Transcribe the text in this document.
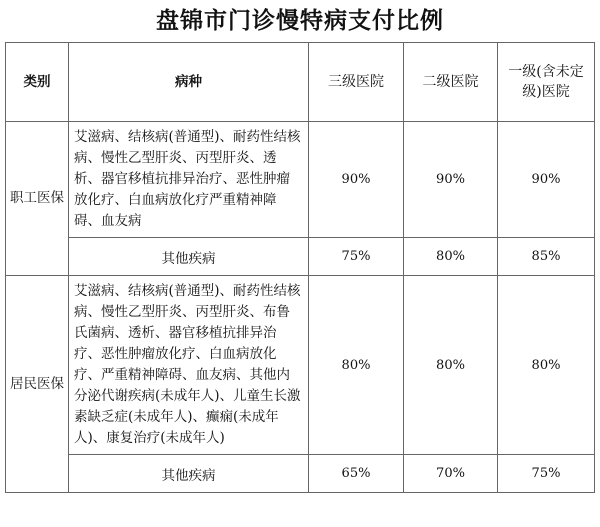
盘锦市门诊慢特病支付比例
类别	病种	三级医院	二级医院	一级(含未定级)医院
职工医保	艾滋病、结核病(普通型)、耐药性结核病、慢性乙型肝炎、丙型肝炎、透析、器官移植抗排异治疗、恶性肿瘤放化疗、白血病放化疗严重精神障碍、血友病	90%	90%	90%
	其他疾病	75%	80%	85%
居民医保	艾滋病、结核病(普通型)、耐药性结核病、慢性乙型肝炎、丙型肝炎、布鲁氏菌病、透析、器官移植抗排异治疗、恶性肿瘤放化疗、白血病放化疗、严重精神障碍、血友病、其他内分泌代谢疾病(未成年人)、儿童生长激素缺乏症(未成年人)、癫痫(未成年人)、康复治疗(未成年人)	80%	80%	80%
	其他疾病	65%	70%	75%
